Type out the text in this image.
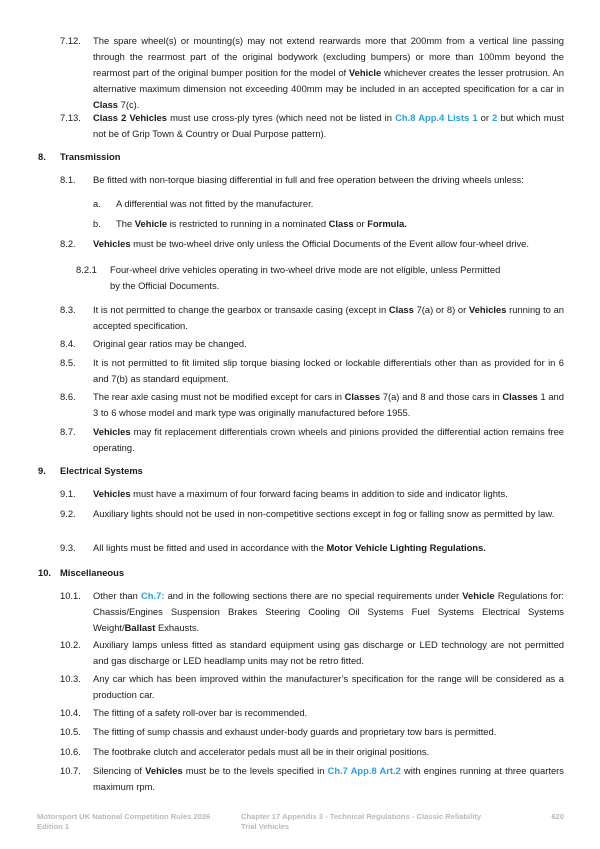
7.12. The spare wheel(s) or mounting(s) may not extend rearwards more that 200mm from a vertical line passing through the rearmost part of the original bodywork (excluding bumpers) or more than 100mm beyond the rearmost part of the original bumper position for the model of Vehicle whichever creates the lesser protrusion. An alternative maximum dimension not exceeding 400mm may be included in an accepted specification for a car in Class 7(c).
7.13. Class 2 Vehicles must use cross-ply tyres (which need not be listed in Ch.8 App.4 Lists 1 or 2 but which must not be of Grip Town & Country or Dual Purpose pattern).
8. Transmission
8.1. Be fitted with non-torque biasing differential in full and free operation between the driving wheels unless:
a. A differential was not fitted by the manufacturer.
b. The Vehicle is restricted to running in a nominated Class or Formula.
8.2. Vehicles must be two-wheel drive only unless the Official Documents of the Event allow four-wheel drive.
8.2.1 Four-wheel drive vehicles operating in two-wheel drive mode are not eligible, unless Permitted
by the Official Documents.
8.3. It is not permitted to change the gearbox or transaxle casing (except in Class 7(a) or 8) or Vehicles running to an accepted specification.
8.4. Original gear ratios may be changed.
8.5. It is not permitted to fit limited slip torque biasing locked or lockable differentials other than as provided for in 6 and 7(b) as standard equipment.
8.6. The rear axle casing must not be modified except for cars in Classes 7(a) and 8 and those cars in Classes 1 and 3 to 6 whose model and mark type was originally manufactured before 1955.
8.7. Vehicles may fit replacement differentials crown wheels and pinions provided the differential action remains free operating.
9. Electrical Systems
9.1. Vehicles must have a maximum of four forward facing beams in addition to side and indicator lights.
9.2. Auxiliary lights should not be used in non-competitive sections except in fog or falling snow as permitted by law.
9.3. All lights must be fitted and used in accordance with the Motor Vehicle Lighting Regulations.
10. Miscellaneous
10.1. Other than Ch.7: and in the following sections there are no special requirements under Vehicle Regulations for: Chassis/Engines Suspension Brakes Steering Cooling Oil Systems Fuel Systems Electrical Systems Weight/Ballast Exhausts.
10.2. Auxiliary lamps unless fitted as standard equipment using gas discharge or LED technology are not permitted and gas discharge or LED headlamp units may not be retro fitted.
10.3. Any car which has been improved within the manufacturer’s specification for the range will be considered as a production car.
10.4. The fitting of a safety roll-over bar is recommended.
10.5. The fitting of sump chassis and exhaust under-body guards and proprietary tow bars is permitted.
10.6. The footbrake clutch and accelerator pedals must all be in their original positions.
10.7. Silencing of Vehicles must be to the levels specified in Ch.7 App.8 Art.2 with engines running at three quarters maximum rpm.
Motorsport UK National Competition Rules 2026
Edition 1
Chapter 17 Appendix 3 - Technical Regulations - Classic Reliability
Trial Vehicles
620
